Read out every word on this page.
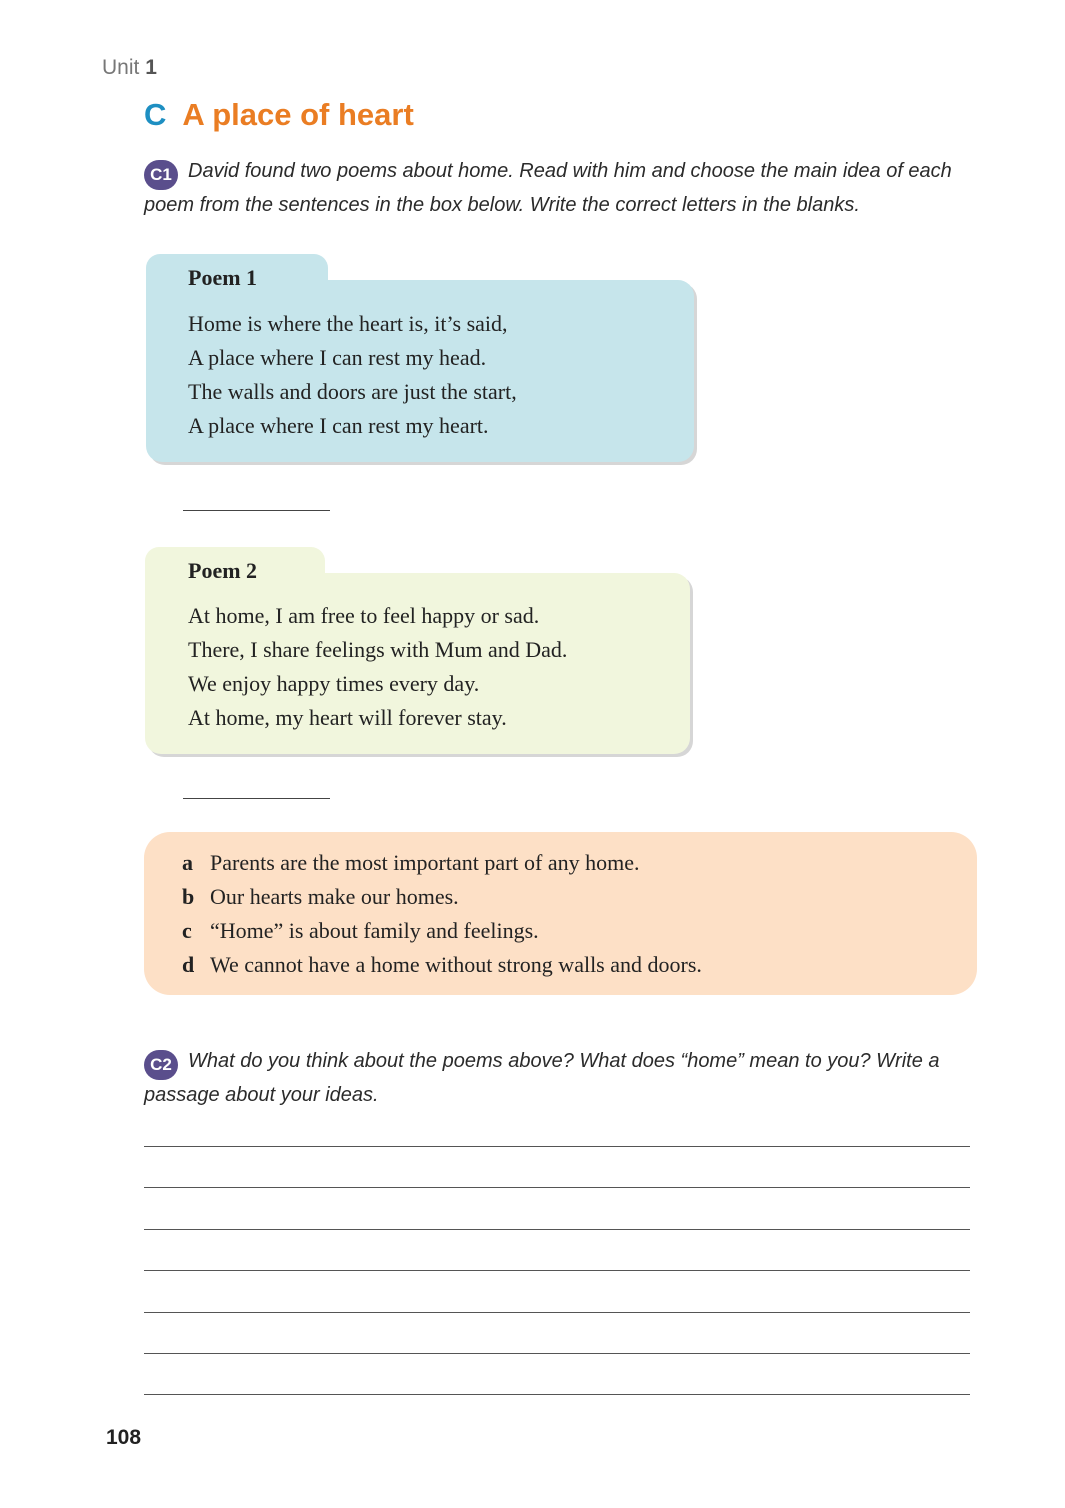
Unit 1
C A place of heart
C1 David found two poems about home. Read with him and choose the main idea of each poem from the sentences in the box below. Write the correct letters in the blanks.
Poem 1
Home is where the heart is, it’s said,
A place where I can rest my head.
The walls and doors are just the start,
A place where I can rest my heart.
Poem 2
At home, I am free to feel happy or sad.
There, I share feelings with Mum and Dad.
We enjoy happy times every day.
At home, my heart will forever stay.
a Parents are the most important part of any home.
b Our hearts make our homes.
c “Home” is about family and feelings.
d We cannot have a home without strong walls and doors.
C2 What do you think about the poems above? What does “home” mean to you? Write a passage about your ideas.
108
